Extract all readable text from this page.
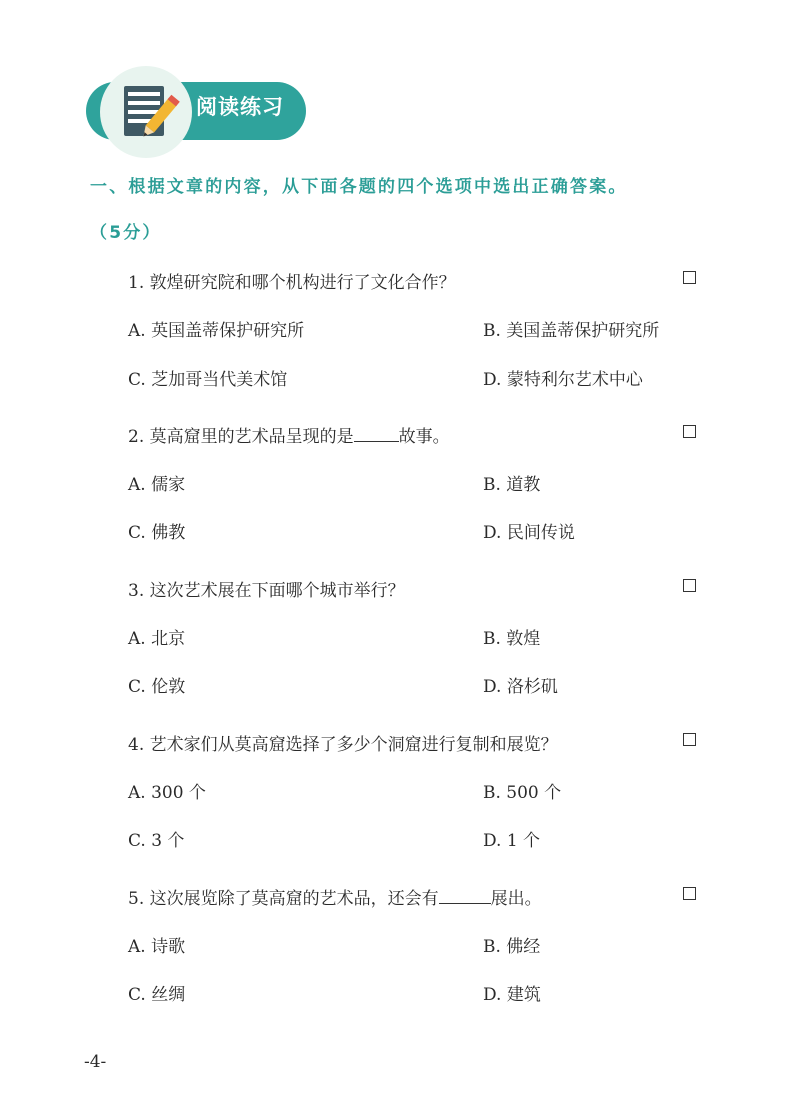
阅读练习
一、根据文章的内容，从下面各题的四个选项中选出正确答案。
（5分）
1. 敦煌研究院和哪个机构进行了文化合作？
A. 英国盖蒂保护研究所	B. 美国盖蒂保护研究所
C. 芝加哥当代美术馆	D. 蒙特利尔艺术中心
2. 莫高窟里的艺术品呈现的是	故事。
A. 儒家	B. 道教
C. 佛教	D. 民间传说
3. 这次艺术展在下面哪个城市举行？
A. 北京	B. 敦煌
C. 伦敦	D. 洛杉矶
4. 艺术家们从莫高窟选择了多少个洞窟进行复制和展览？
A. 300 个	B. 500 个
C. 3 个	D. 1 个
5. 这次展览除了莫高窟的艺术品，还会有	展出。
A. 诗歌	B. 佛经
C. 丝绸	D. 建筑
-4-
